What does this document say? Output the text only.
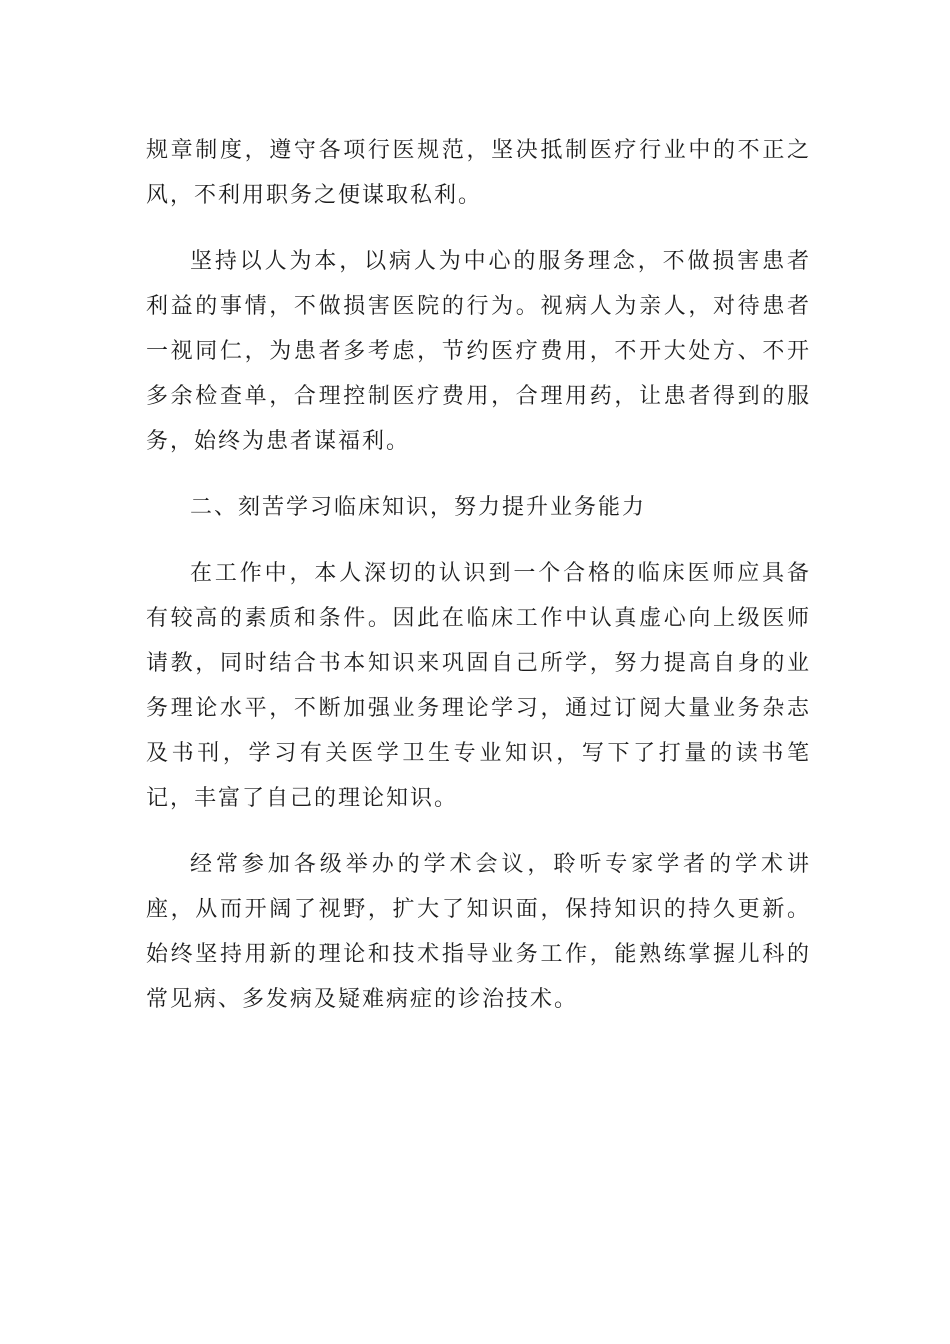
规章制度，遵守各项行医规范，坚决抵制医疗行业中的不正之风，不利用职务之便谋取私利。

坚持以人为本，以病人为中心的服务理念，不做损害患者利益的事情，不做损害医院的行为。视病人为亲人，对待患者一视同仁，为患者多考虑，节约医疗费用，不开大处方、不开多余检查单，合理控制医疗费用，合理用药，让患者得到的服务，始终为患者谋福利。

二、刻苦学习临床知识，努力提升业务能力

在工作中，本人深切的认识到一个合格的临床医师应具备有较高的素质和条件。因此在临床工作中认真虚心向上级医师请教，同时结合书本知识来巩固自己所学，努力提高自身的业务理论水平，不断加强业务理论学习，通过订阅大量业务杂志及书刊，学习有关医学卫生专业知识，写下了打量的读书笔记，丰富了自己的理论知识。

经常参加各级举办的学术会议，聆听专家学者的学术讲座，从而开阔了视野，扩大了知识面，保持知识的持久更新。始终坚持用新的理论和技术指导业务工作，能熟练掌握儿科的常见病、多发病及疑难病症的诊治技术。
